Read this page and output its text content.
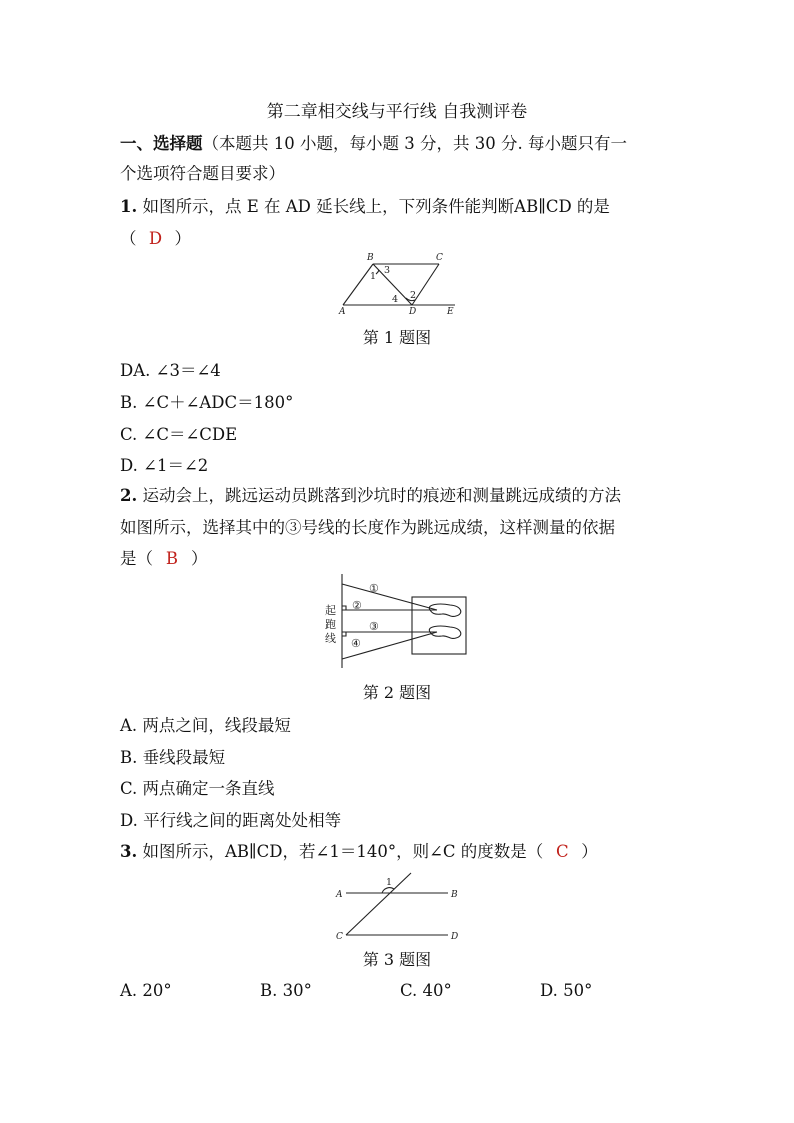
第二章相交线与平行线 自我测评卷
一、选择题（本题共 10 小题，每小题 3 分，共 30 分. 每小题只有一
个选项符合题目要求）
1. 如图所示，点 E 在 AD 延长线上，下列条件能判断AB∥CD 的是
（ D ）
A
B	C
D	E
1
2
3
4
第 1 题图
DA. ∠3＝∠4
B. ∠C＋∠ADC＝180°
C. ∠C＝∠CDE
D. ∠1＝∠2
2. 运动会上，跳远运动员跳落到沙坑时的痕迹和测量跳远成绩的方法
如图所示，选择其中的③号线的长度作为跳远成绩，这样测量的依据
是（ B ）
①
②
③
④
起
跑
线
第 2 题图
A. 两点之间，线段最短
B. 垂线段最短
C. 两点确定一条直线
D. 平行线之间的距离处处相等
3. 如图所示，AB∥CD，若∠1＝140°，则∠C 的度数是（ C ）
A	B
C	D
1
第 3 题图
A. 20°	B. 30°	C. 40°	D. 50°
